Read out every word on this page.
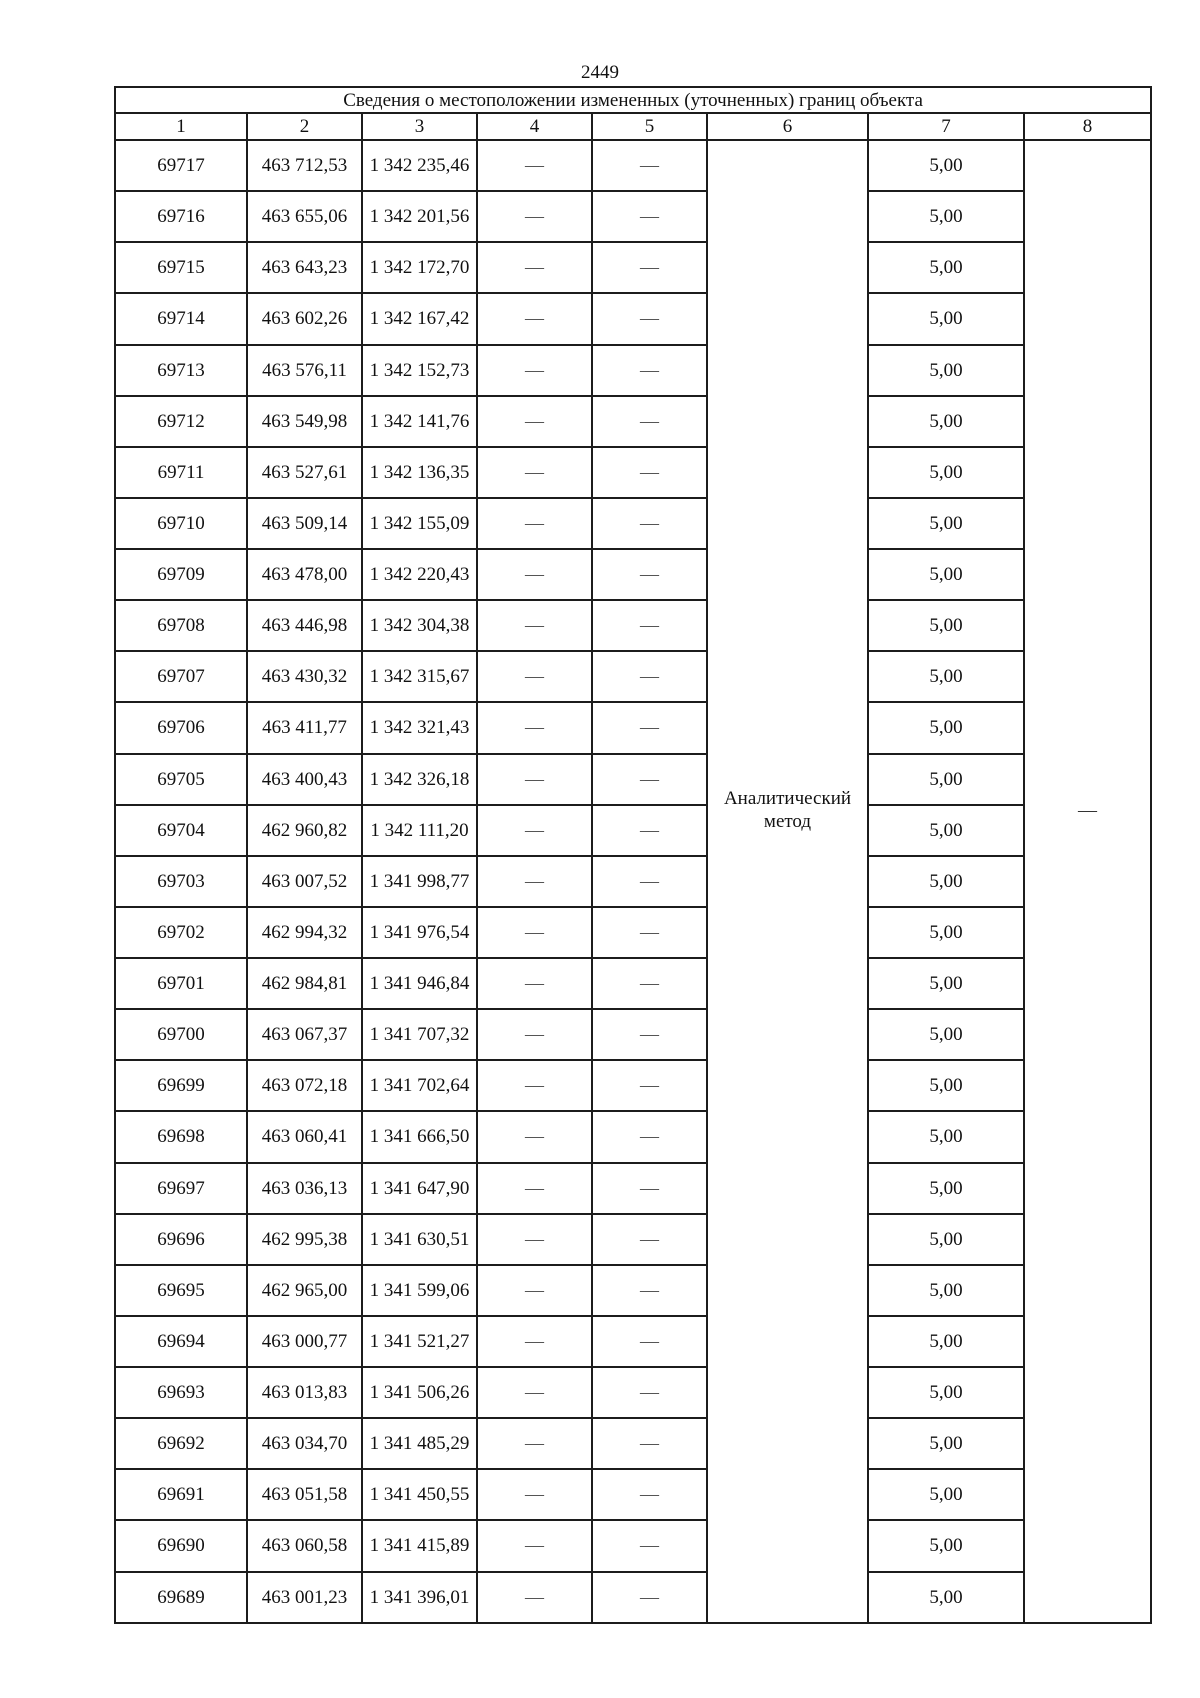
2449
Сведения о местоположении измененных (уточненных) границ объекта							
1	2	3	4	5	6	7	8
69717	463 712,53	1 342 235,46	—	—	Аналитический метод	5,00	—
69716	463 655,06	1 342 201,56	—	—		5,00	
69715	463 643,23	1 342 172,70	—	—		5,00	
69714	463 602,26	1 342 167,42	—	—		5,00	
69713	463 576,11	1 342 152,73	—	—		5,00	
69712	463 549,98	1 342 141,76	—	—		5,00	
69711	463 527,61	1 342 136,35	—	—		5,00	
69710	463 509,14	1 342 155,09	—	—		5,00	
69709	463 478,00	1 342 220,43	—	—		5,00	
69708	463 446,98	1 342 304,38	—	—		5,00	
69707	463 430,32	1 342 315,67	—	—		5,00	
69706	463 411,77	1 342 321,43	—	—		5,00	
69705	463 400,43	1 342 326,18	—	—		5,00	
69704	462 960,82	1 342 111,20	—	—		5,00	
69703	463 007,52	1 341 998,77	—	—		5,00	
69702	462 994,32	1 341 976,54	—	—		5,00	
69701	462 984,81	1 341 946,84	—	—		5,00	
69700	463 067,37	1 341 707,32	—	—		5,00	
69699	463 072,18	1 341 702,64	—	—		5,00	
69698	463 060,41	1 341 666,50	—	—		5,00	
69697	463 036,13	1 341 647,90	—	—		5,00	
69696	462 995,38	1 341 630,51	—	—		5,00	
69695	462 965,00	1 341 599,06	—	—		5,00	
69694	463 000,77	1 341 521,27	—	—		5,00	
69693	463 013,83	1 341 506,26	—	—		5,00	
69692	463 034,70	1 341 485,29	—	—		5,00	
69691	463 051,58	1 341 450,55	—	—		5,00	
69690	463 060,58	1 341 415,89	—	—		5,00	
69689	463 001,23	1 341 396,01	—	—		5,00	
